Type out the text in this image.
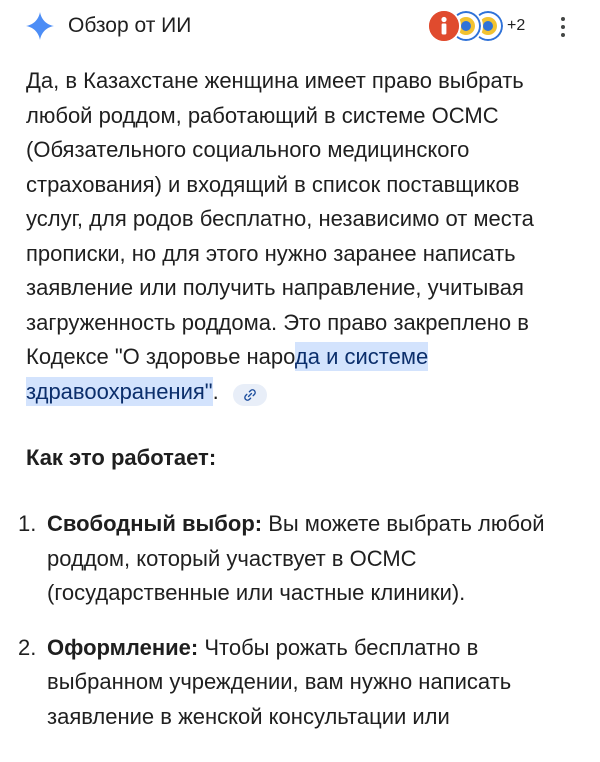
Обзор от ИИ	+2

Да, в Казахстане женщина имеет право выбрать любой роддом, работающий в системе ОСМС (Обязательного социального медицинского страхования) и входящий в список поставщиков услуг, для родов бесплатно, независимо от места прописки, но для этого нужно заранее написать заявление или получить направление, учитывая загруженность роддома. Это право закреплено в Кодексе "О здоровье народа и системе здравоохранения".

Как это работает:
1. Свободный выбор: Вы можете выбрать любой роддом, который участвует в ОСМС (государственные или частные клиники).
2. Оформление: Чтобы рожать бесплатно в выбранном учреждении, вам нужно написать заявление в женской консультации или
